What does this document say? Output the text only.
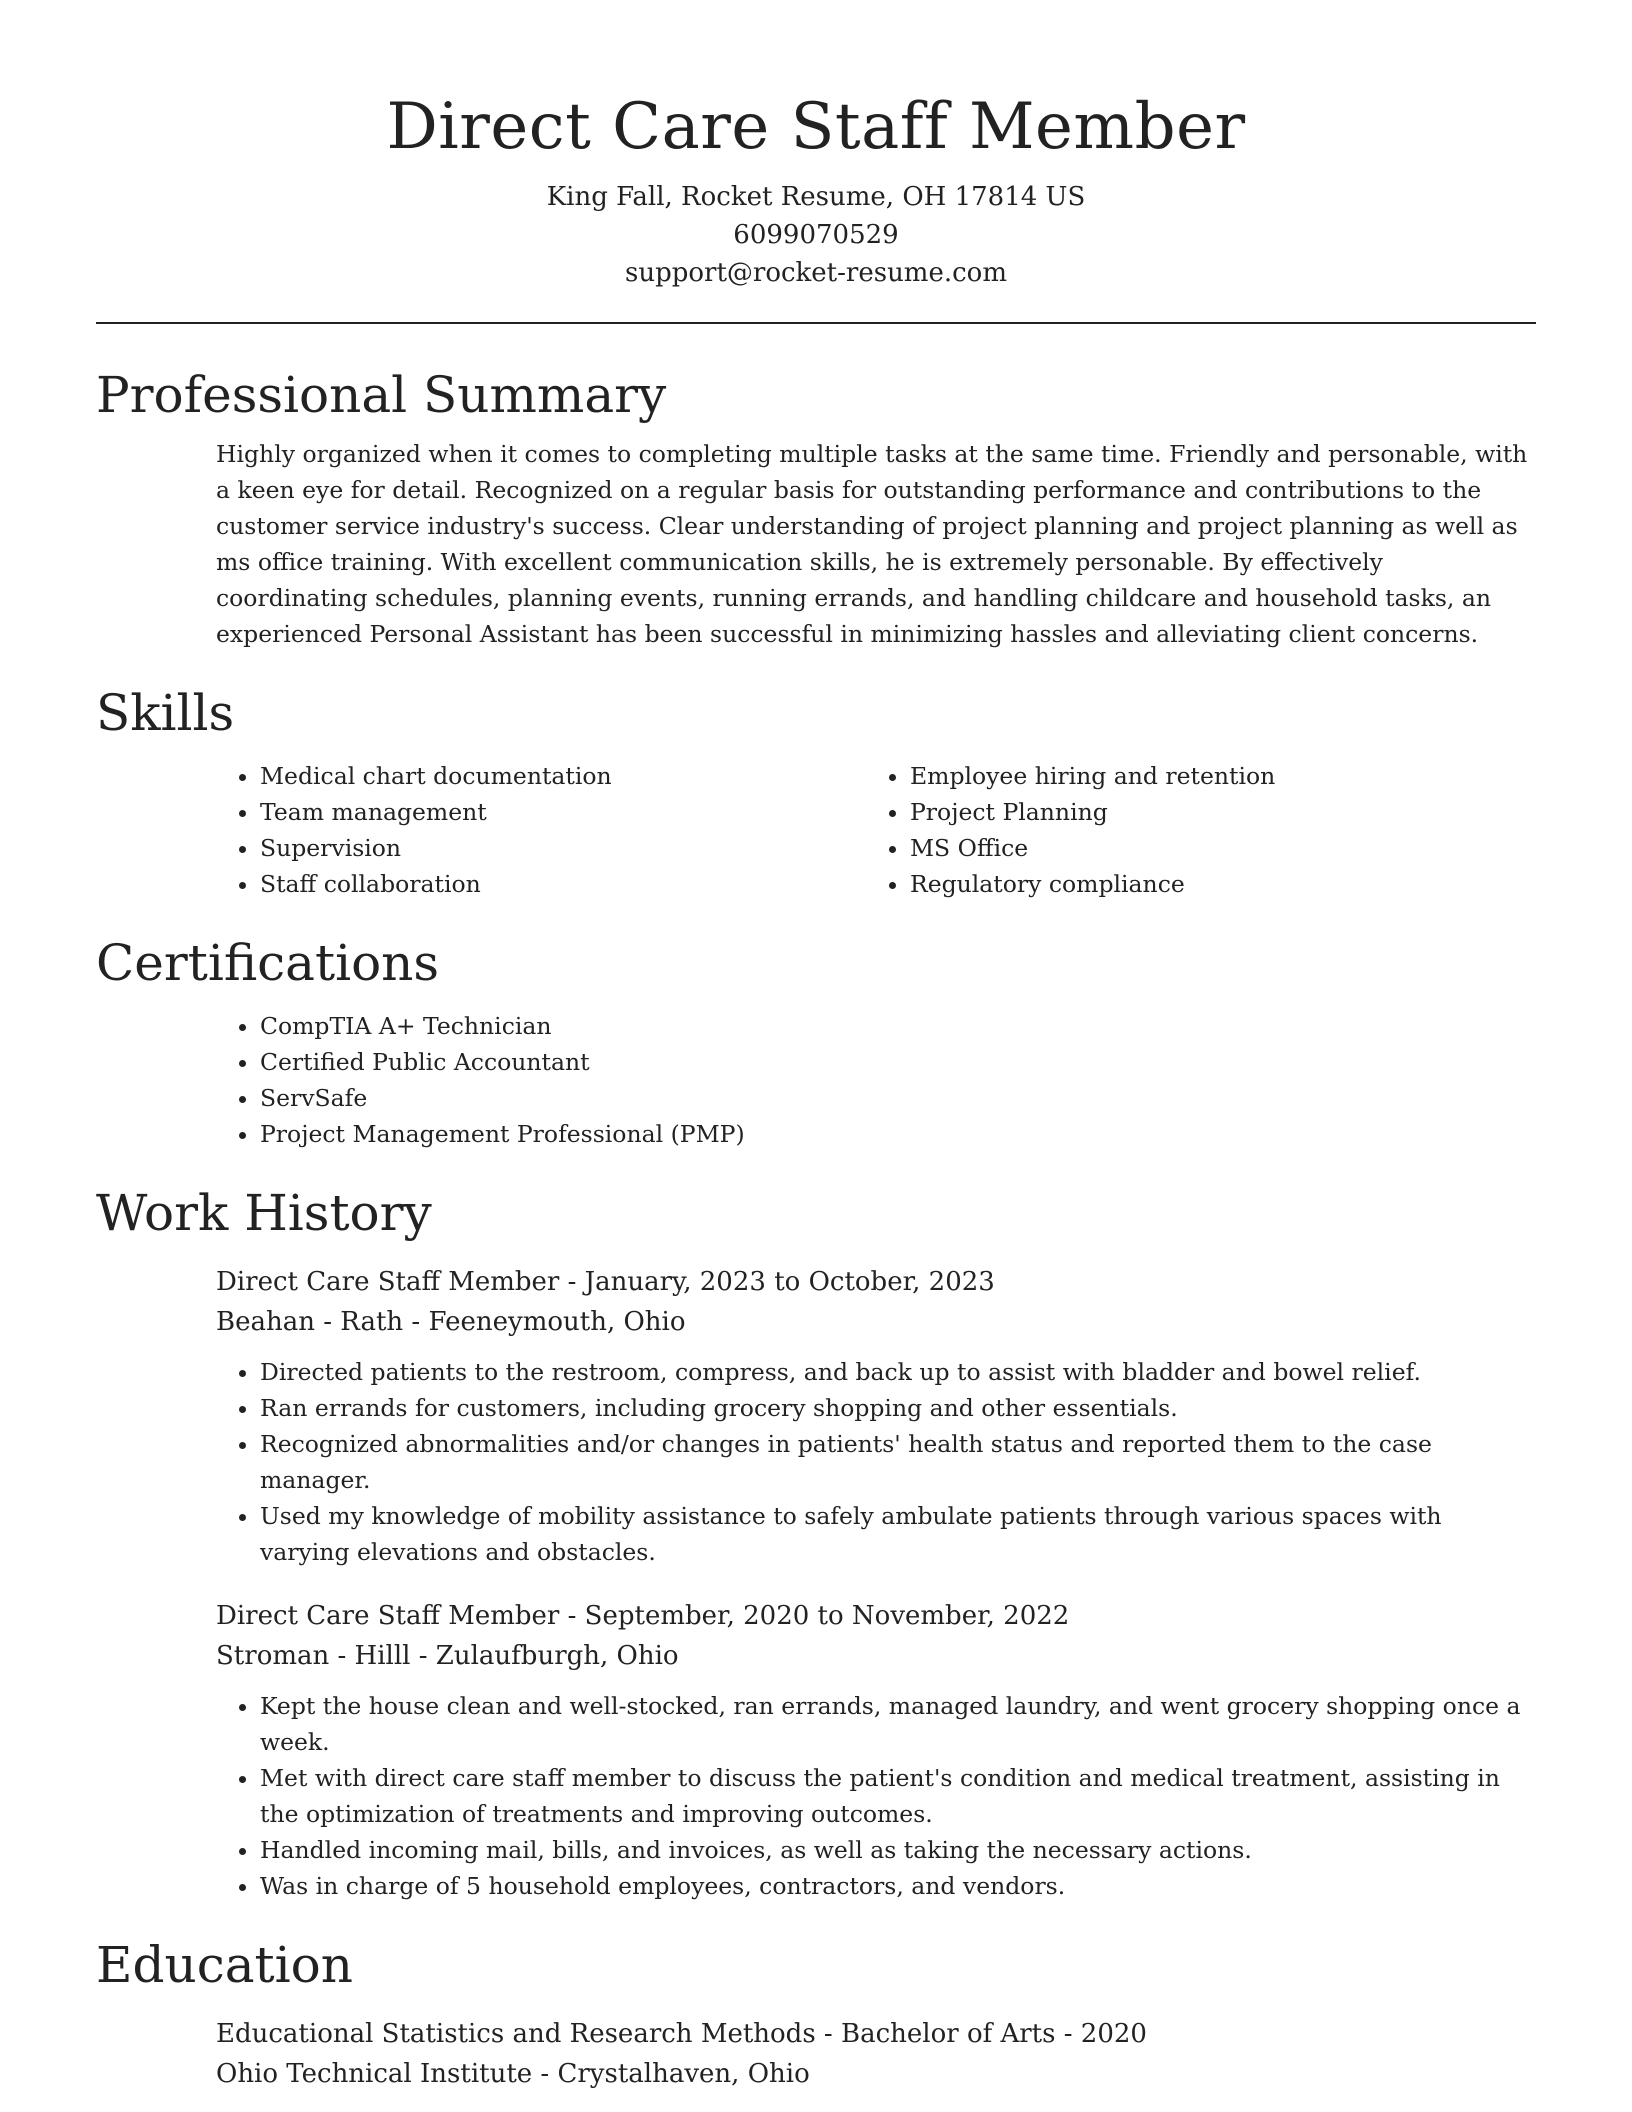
Direct Care Staff Member
King Fall, Rocket Resume, OH 17814 US
6099070529
support@rocket-resume.com
Professional Summary

Highly organized when it comes to completing multiple tasks at the same time. Friendly and personable, with a keen eye for detail. Recognized on a regular basis for outstanding performance and contributions to the customer service industry's success. Clear understanding of project planning and project planning as well as ms office training. With excellent communication skills, he is extremely personable. By effectively coordinating schedules, planning events, running errands, and handling childcare and household tasks, an experienced Personal Assistant has been successful in minimizing hassles and alleviating client concerns.

Skills
• Medical chart documentation
• Team management
• Supervision
• Staff collaboration
• Employee hiring and retention
• Project Planning
• MS Office
• Regulatory compliance
Certifications
• CompTIA A+ Technician
• Certified Public Accountant
• ServSafe
• Project Management Professional (PMP)
Work History
Direct Care Staff Member - January, 2023 to October, 2023
Beahan - Rath - Feeneymouth, Ohio
• Directed patients to the restroom, compress, and back up to assist with bladder and bowel relief.
• Ran errands for customers, including grocery shopping and other essentials.
• Recognized abnormalities and/or changes in patients' health status and reported them to the case manager.
• Used my knowledge of mobility assistance to safely ambulate patients through various spaces with varying elevations and obstacles.
Direct Care Staff Member - September, 2020 to November, 2022
Stroman - Hilll - Zulaufburgh, Ohio
• Kept the house clean and well-stocked, ran errands, managed laundry, and went grocery shopping once a week.
• Met with direct care staff member to discuss the patient's condition and medical treatment, assisting in the optimization of treatments and improving outcomes.
• Handled incoming mail, bills, and invoices, as well as taking the necessary actions.
• Was in charge of 5 household employees, contractors, and vendors.
Education
Educational Statistics and Research Methods - Bachelor of Arts - 2020
Ohio Technical Institute - Crystalhaven, Ohio
